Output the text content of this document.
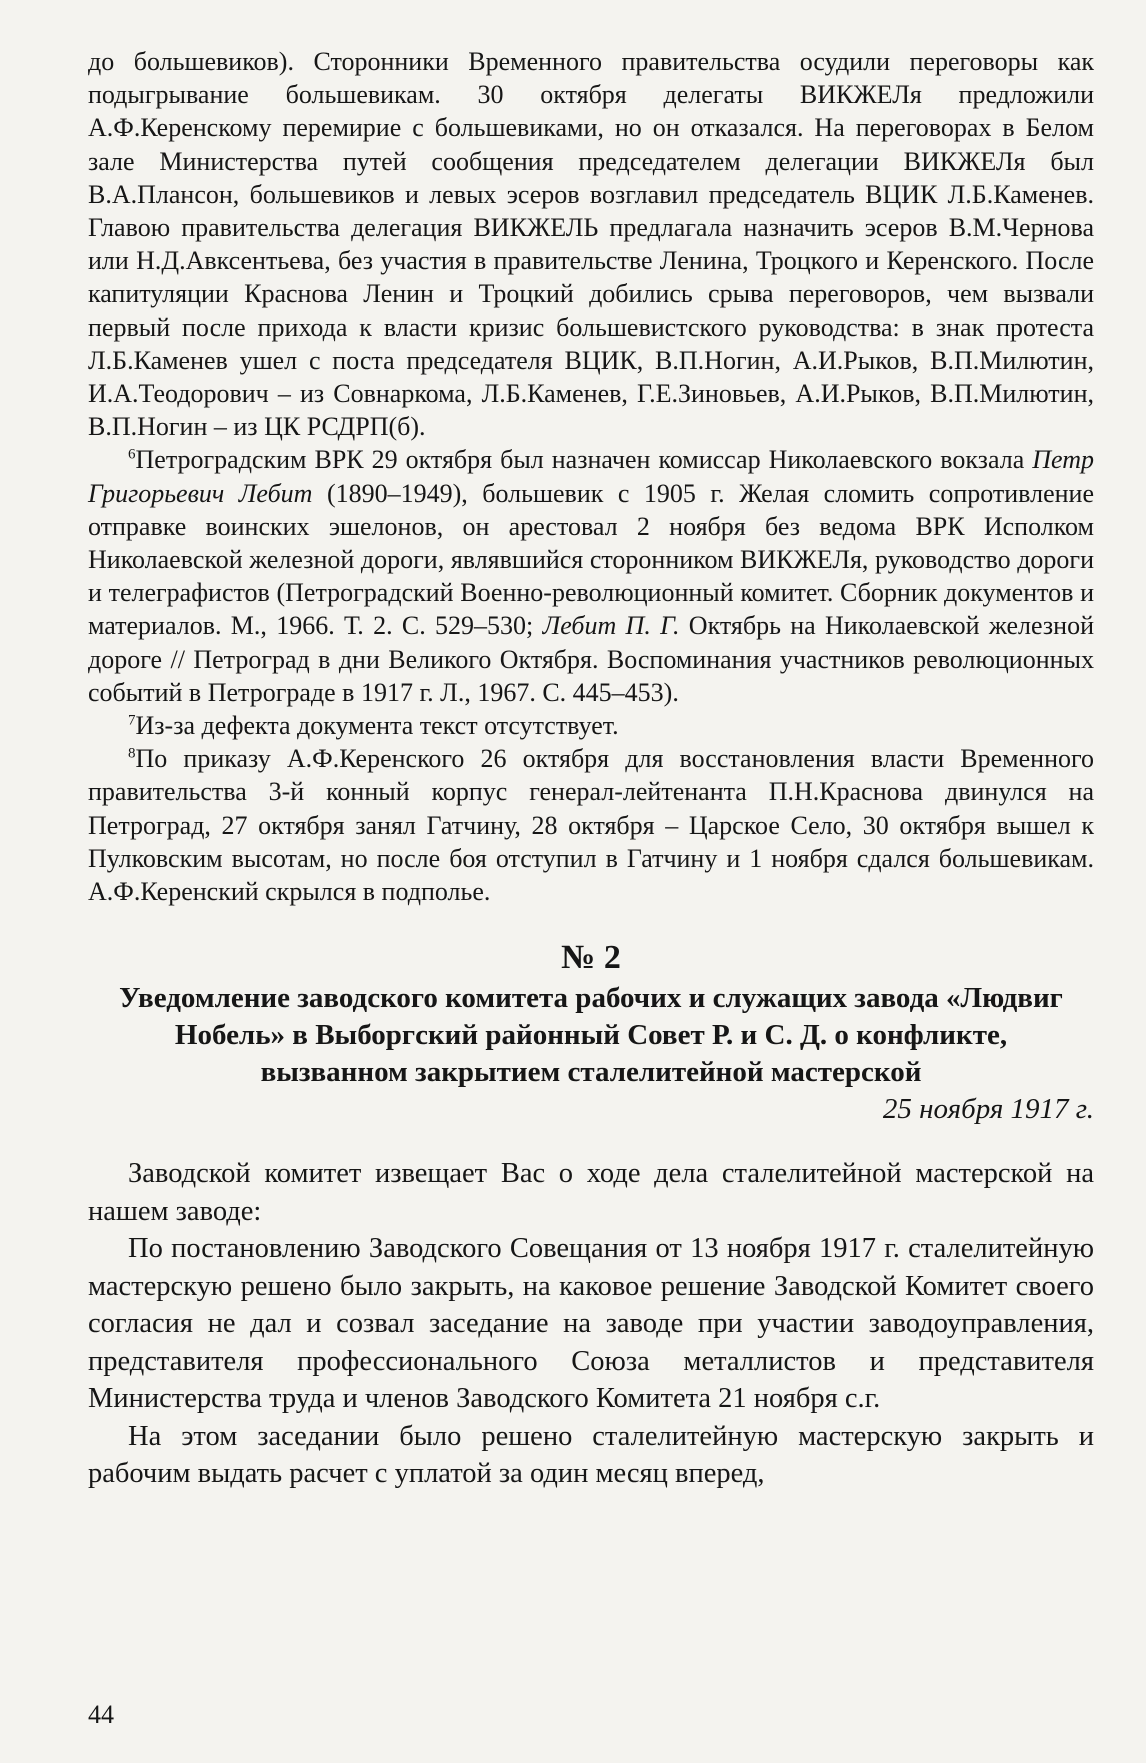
до большевиков). Сторонники Временного правительства осудили переговоры как подыгрывание большевикам. 30 октября делегаты ВИКЖЕЛя предложили А.Ф.Керенскому перемирие с большевиками, но он отказался. На переговорах в Белом зале Министерства путей сообщения председателем делегации ВИКЖЕЛя был В.А.Плансон, большевиков и левых эсеров возглавил председатель ВЦИК Л.Б.Каменев. Главою правительства делегация ВИКЖЕЛЬ предлагала назначить эсеров В.М.Чернова или Н.Д.Авксентьева, без участия в правительстве Ленина, Троцкого и Керенского. После капитуляции Краснова Ленин и Троцкий добились срыва переговоров, чем вызвали первый после прихода к власти кризис большевистского руководства: в знак протеста Л.Б.Каменев ушел с поста председателя ВЦИК, В.П.Ногин, А.И.Рыков, В.П.Милютин, И.А.Теодорович – из Совнаркома, Л.Б.Каменев, Г.Е.Зиновьев, А.И.Рыков, В.П.Милютин, В.П.Ногин – из ЦК РСДРП(б).

$^6$Петроградским ВРК 29 октября был назначен комиссар Николаевского вокзала Петр Григорьевич Лебит (1890–1949), большевик с 1905 г. Желая сломить сопротивление отправке воинских эшелонов, он арестовал 2 ноября без ведома ВРК Исполком Николаевской железной дороги, являвшийся сторонником ВИКЖЕЛя, руководство дороги и телеграфистов (Петроградский Военно-революционный комитет. Сборник документов и материалов. М., 1966. Т. 2. С. 529–530; Лебит П. Г. Октябрь на Николаевской железной дороге // Петроград в дни Великого Октября. Воспоминания участников революционных событий в Петрограде в 1917 г. Л., 1967. С. 445–453).

$^7$Из-за дефекта документа текст отсутствует.

$^8$По приказу А.Ф.Керенского 26 октября для восстановления власти Временного правительства 3-й конный корпус генерал-лейтенанта П.Н.Краснова двинулся на Петроград, 27 октября занял Гатчину, 28 октября – Царское Село, 30 октября вышел к Пулковским высотам, но после боя отступил в Гатчину и 1 ноября сдался большевикам. А.Ф.Керенский скрылся в подполье.

№ 2

Уведомление заводского комитета рабочих и служащих завода «Людвиг Нобель» в Выборгский районный Совет Р. и С. Д. о конфликте, вызванном закрытием сталелитейной мастерской

25 ноября 1917 г.

Заводской комитет извещает Вас о ходе дела сталелитейной мастерской на нашем заводе:

По постановлению Заводского Совещания от 13 ноября 1917 г. сталелитейную мастерскую решено было закрыть, на каковое решение Заводской Комитет своего согласия не дал и созвал заседание на заводе при участии заводоуправления, представителя профессионального Союза металлистов и представителя Министерства труда и членов Заводского Комитета 21 ноября с.г.

На этом заседании было решено сталелитейную мастерскую закрыть и рабочим выдать расчет с уплатой за один месяц вперед,

44
